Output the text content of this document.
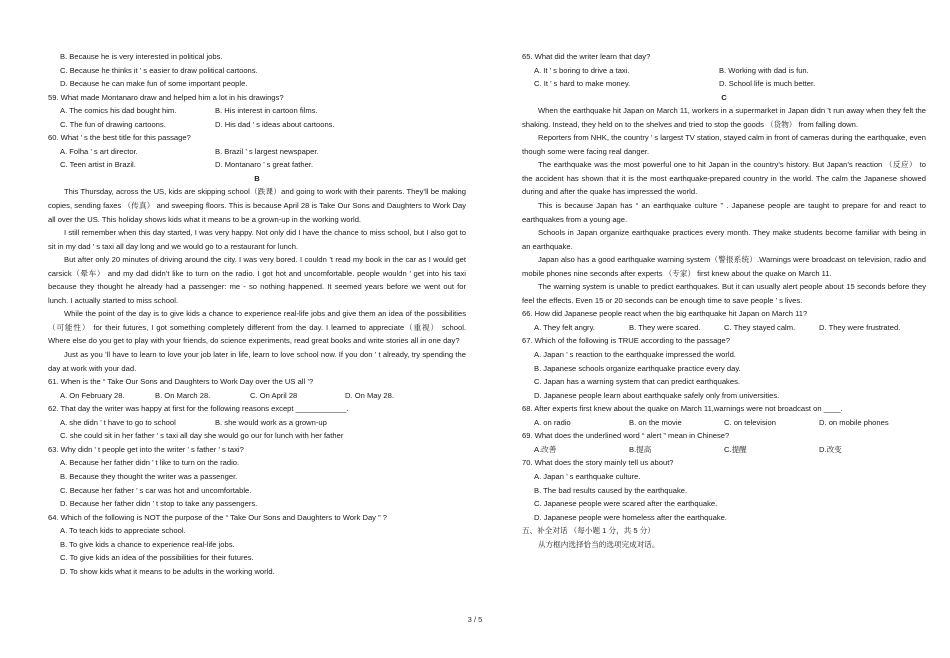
B. Because he is very interested in political jobs.
C. Because he thinks it ’ s easier to draw political cartoons.
D. Because he can make fun of some important people.
59. What made Montanaro draw and helped him a lot in his drawings?
A. The comics his dad bought him.	B. His interest in cartoon films.
C. The fun of drawing cartoons.	D. His dad ’ s ideas about cartoons.
60. What ’ s the best title for this passage?
A. Folha ’ s art director.	B. Brazil ’ s largest newspaper.
C. Teen artist in Brazil.	D. Montanaro ’ s great father.
B
This Thursday, across the US, kids are skipping school（跌课）and going to work with their parents. They’ll be making copies, sending faxes （传真） and sweeping floors. This is because April 28 is Take Our Sons and Daughters to Work Day all over the US. This holiday shows kids what it means to be a grown-up in the working world.
I still remember when this day started, I was very happy. Not only did I have the chance to miss school, but I also got to sit in my dad ’ s taxi all day long and we would go to a restaurant for lunch.
But after only 20 minutes of driving around the city. I was very bored. I couldn ’t read my book in the car as I would get carsick（晕车） and my dad didn’t like to turn on the radio. I got hot and uncomfortable. people wouldn ’ get into his taxi because they thought he already had a passenger: me - so nothing happened. It seemed years before we went out for lunch. I actually started to miss school.
While the point of the day is to give kids a chance to experience real-life jobs and give them an idea of the possibilities（可能性） for their futures, I got something completely different from the day. I learned to appreciate（重视） school. Where else do you get to play with your friends, do science experiments, read great books and write stories all in one day?
Just as you ’ll have to learn to love your job later in life, learn to love school now. If you don ’ t already, try spending the day at work with your dad.
61. When is the “ Take Our Sons and Daughters to Work Day over the US all ’?
A. On February 28.	B. On March 28.	C. On April 28	D. On May 28.
62. That day the writer was happy at first for the following reasons except ____________.
A. she didn ’ t have to go to school	B. she would work as a grown-up
C. she could sit in her father ’ s taxi all day she would go our for lunch with her father
63. Why didn ’ t people get into the writer ’ s father ’ s taxi?
A. Because her father didn ’ t like to turn on the radio.
B. Because they thought the writer was a passenger.
C. Because her father ’ s car was hot and uncomfortable.
D. Because her father didn ’ t stop to take any passengers.
64. Which of the following is NOT the purpose of the “ Take Our Sons and Daughters to Work Day ” ?
A. To teach kids to appreciate school.
B. To give kids a chance to experience real-life jobs.
C. To give kids an idea of the possibilities for their futures.
D. To show kids what it means to be adults in the working world.
65. What did the writer learn that day?
A. It ’ s boring to drive a taxi.	B. Working with dad is fun.
C. It ’ s hard to make money.	D. School life is much better.
C
When the earthquake hit Japan on March 11, workers in a supermarket in Japan didn ’t run away when they felt the shaking. Instead, they held on to the shelves and tried to stop the goods （货物） from falling down.
Reporters from NHK, the country ’ s largest TV station, stayed calm in front of cameras during the earthquake, even though some were facing real danger.
The earthquake was the most powerful one to hit Japan in the country’s history. But Japan’s reaction （反应） to the accident has shown that it is the most earthquake-prepared country in the world. The calm the Japanese showed during and after the quake has impressed the world.
This is because Japan has “ an earthquake culture ” . Japanese people are taught to prepare for and react to earthquakes from a young age.
Schools in Japan organize earthquake practices every month. They make students become familiar with being in an earthquake.
Japan also has a good earthquake warning system（警报系统）.Warnings were broadcast on television, radio and mobile phones nine seconds after experts （专家） first knew about the quake on March 11.
The warning system is unable to predict earthquakes. But it can usually alert people about 15 seconds before they feel the effects. Even 15 or 20 seconds can be enough time to save people ’ s lives.
66. How did Japanese people react when the big earthquake hit Japan on March 11?
A. They felt angry.	B. They were scared.	C. They stayed calm.	D. They were frustrated.
67. Which of the following is TRUE according to the passage?
A. Japan ’ s reaction to the earthquake impressed the world.
B. Japanese schools organize earthquake practice every day.
C. Japan has a warning system that can predict earthquakes.
D. Japanese people learn about earthquake safely only from universities.
68. After experts first knew about the quake on March 11,warnings were not broadcast on ____.
A. on radio	B. on the movie	C. on television	D. on mobile phones
69. What does the underlined word “ alert ” mean in Chinese?
A.改善	B.提高	C.提醒	D.改变
70. What does the story mainly tell us about?
A. Japan ’ s earthquake culture.
B. The bad results caused by the earthquake.
C. Japanese people were scared after the earthquake.
D. Japanese people were homeless after the earthquake.
五、补全对话 （每小题 1 分，共 5 分）
从方框内选择恰当的选项完成对话。
3 / 5
